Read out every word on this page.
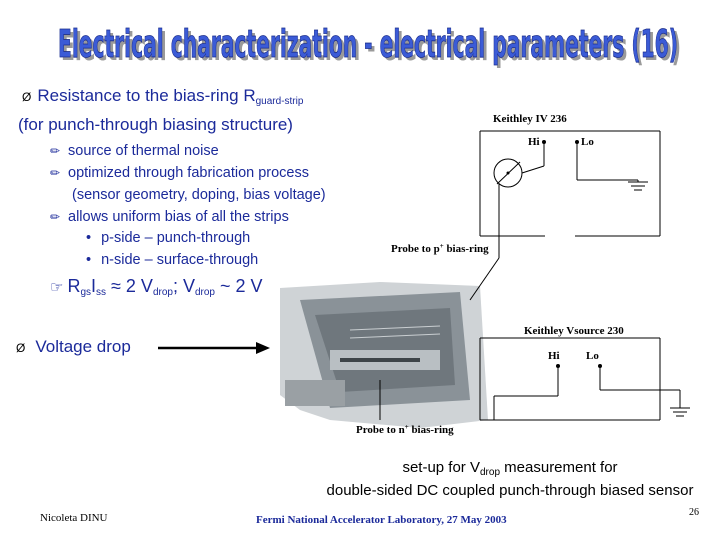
Electrical characterization - electrical parameters (16)
Electrical characterization - electrical parameters (16)
Ø Resistance to the bias-ring Rguard-strip
(for punch-through biasing structure)
✏ source of thermal noise
✏ optimized through fabrication process
(sensor geometry, doping, bias voltage)
✏ allows uniform bias of all the strips
• p-side – punch-through
• n-side – surface-through
☞ RgsIss ≈ 2 Vdrop; Vdrop ~ 2 V
Ø Voltage drop
Keithley IV 236
Hi	Lo
Probe to p+ bias-ring
Keithley Vsource 230
Hi Lo
Probe to n+ bias-ring
set-up for $V_{drop}$ measurement for
double-sided DC coupled punch-through biased sensor
Nicoleta DINU	Fermi National Accelerator Laboratory, 27 May 2003
26
